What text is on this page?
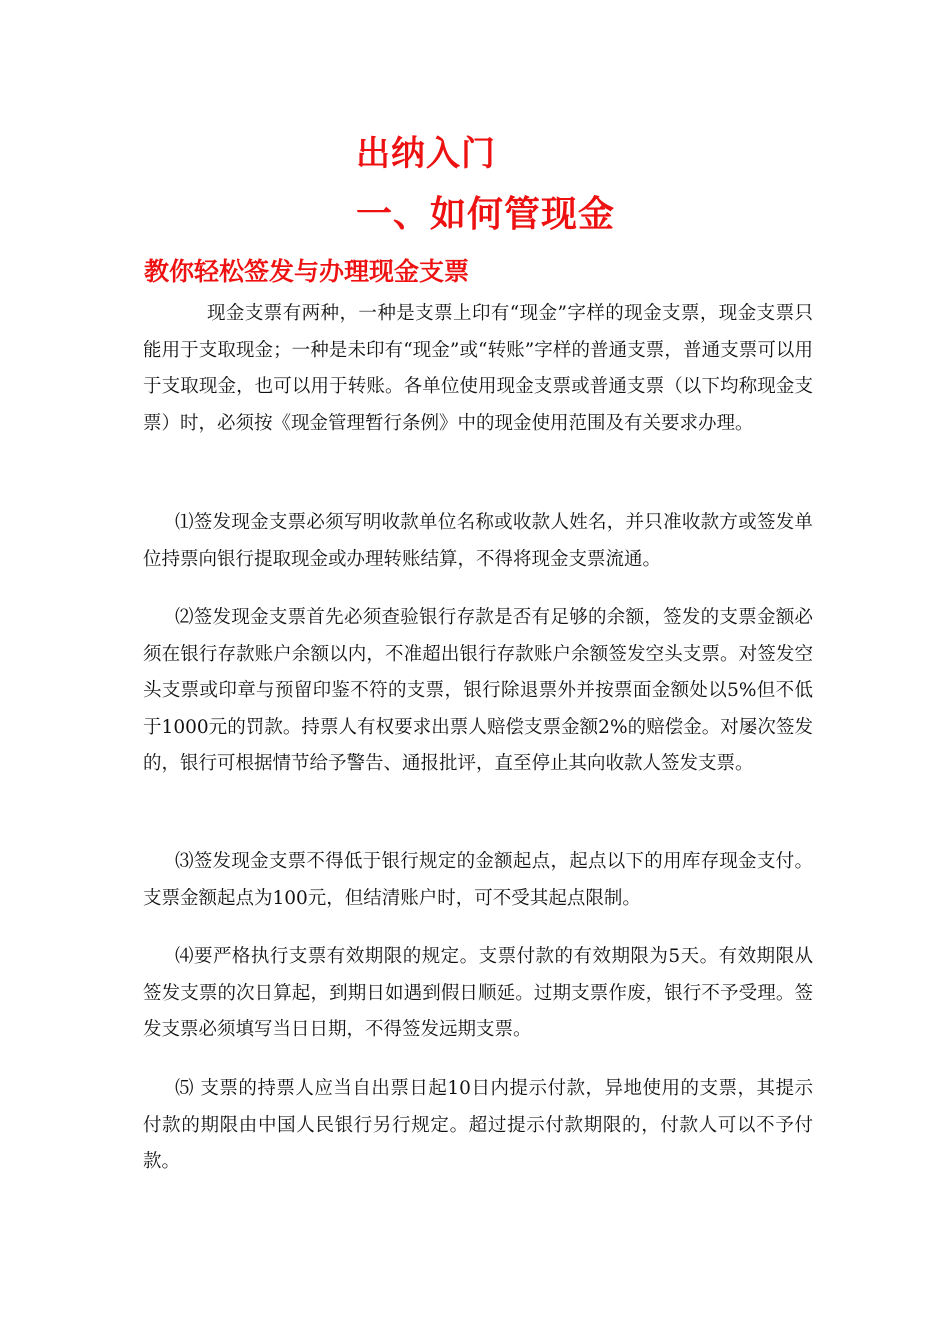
出纳入门
一、如何管现金
教你轻松签发与办理现金支票

现金支票有两种，一种是支票上印有“现金”字样的现金支票，现金支票只能用于支取现金；一种是未印有“现金”或“转账”字样的普通支票，普通支票可以用于支取现金，也可以用于转账。各单位使用现金支票或普通支票（以下均称现金支票）时，必须按《现金管理暂行条例》中的现金使用范围及有关要求办理。

⑴签发现金支票必须写明收款单位名称或收款人姓名，并只准收款方或签发单位持票向银行提取现金或办理转账结算，不得将现金支票流通。

⑵签发现金支票首先必须查验银行存款是否有足够的余额，签发的支票金额必须在银行存款账户余额以内，不准超出银行存款账户余额签发空头支票。对签发空头支票或印章与预留印鉴不符的支票，银行除退票外并按票面金额处以5%但不低于1000元的罚款。持票人有权要求出票人赔偿支票金额2%的赔偿金。对屡次签发的，银行可根据情节给予警告、通报批评，直至停止其向收款人签发支票。

⑶签发现金支票不得低于银行规定的金额起点，起点以下的用库存现金支付。支票金额起点为100元，但结清账户时，可不受其起点限制。

⑷要严格执行支票有效期限的规定。支票付款的有效期限为5天。有效期限从签发支票的次日算起，到期日如遇到假日顺延。过期支票作废，银行不予受理。签发支票必须填写当日日期，不得签发远期支票。

⑸ 支票的持票人应当自出票日起10日内提示付款，异地使用的支票，其提示付款的期限由中国人民银行另行规定。超过提示付款期限的，付款人可以不予付款。
